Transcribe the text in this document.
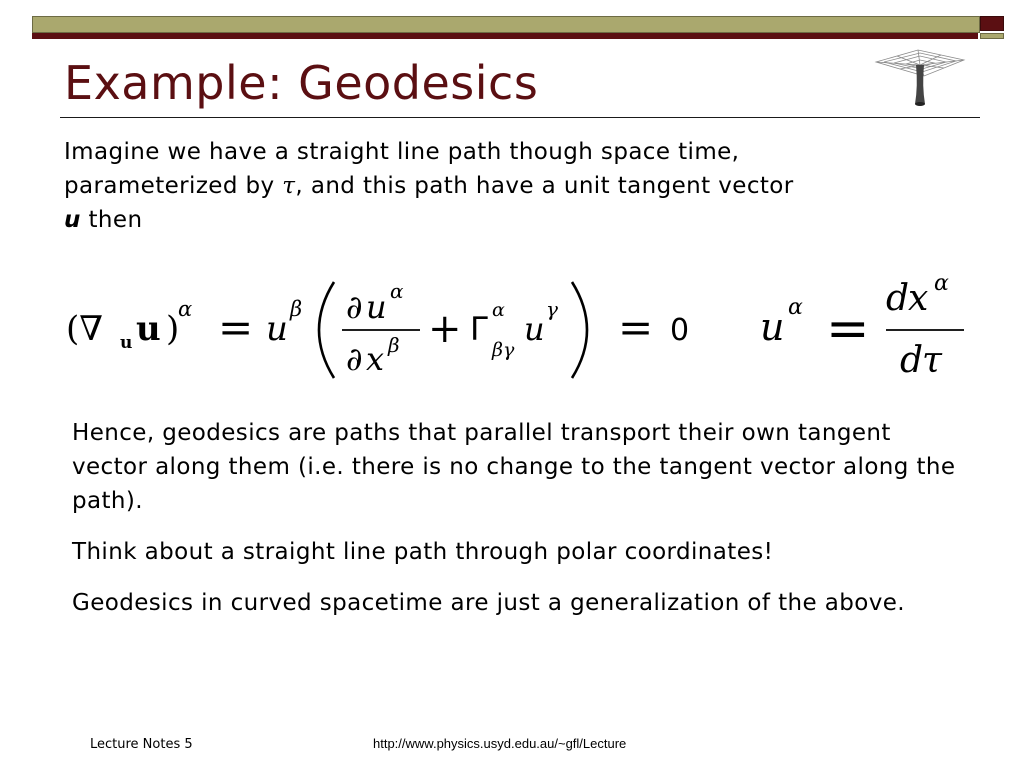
Example: Geodesics
Imagine we have a straight line path though space time,
parameterized by τ, and this path have a unit tangent vector
u then
(∇ u u )
α = u β ∂ u α
∂ x β + Γ α
βγ
u
γ = 0 u α =
d
x α
d
τ

Hence, geodesics are paths that parallel transport their own tangent vector along them (i.e. there is no change to the tangent vector along the path).

Think about a straight line path through polar coordinates!

Geodesics in curved spacetime are just a generalization of the above.

Lecture Notes 5	http://www.physics.usyd.edu.au/~gfl/Lecture
